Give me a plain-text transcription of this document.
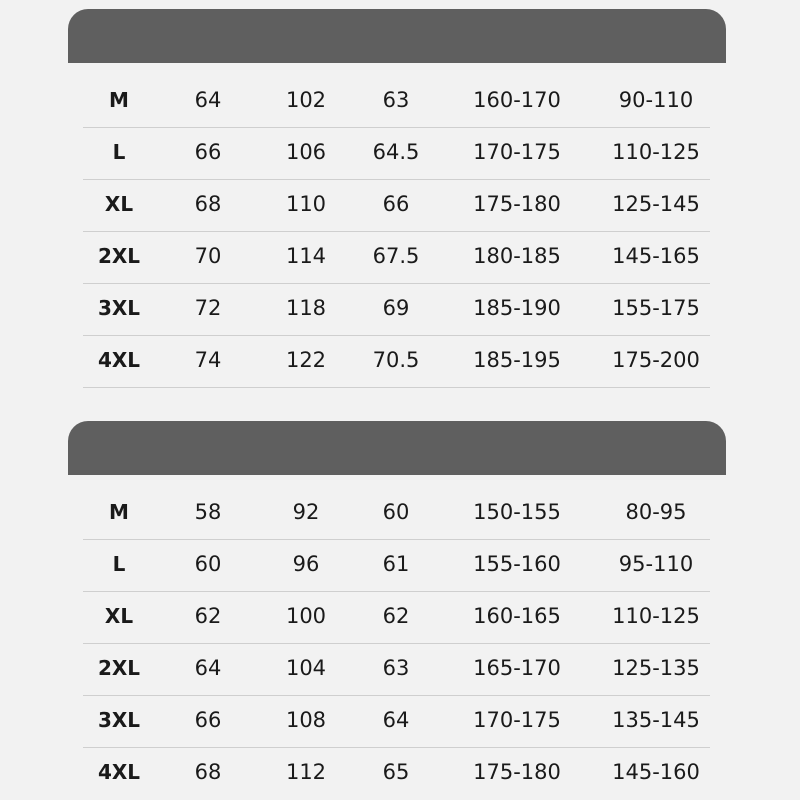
M	64	102	63	160-170	90-110
L	66	106	64.5	170-175	110-125
XL	68	110	66	175-180	125-145
2XL	70	114	67.5	180-185	145-165
3XL	72	118	69	185-190	155-175
4XL	74	122	70.5	185-195	175-200
M	58	92	60	150-155	80-95
L	60	96	61	155-160	95-110
XL	62	100	62	160-165	110-125
2XL	64	104	63	165-170	125-135
3XL	66	108	64	170-175	135-145
4XL	68	112	65	175-180	145-160
